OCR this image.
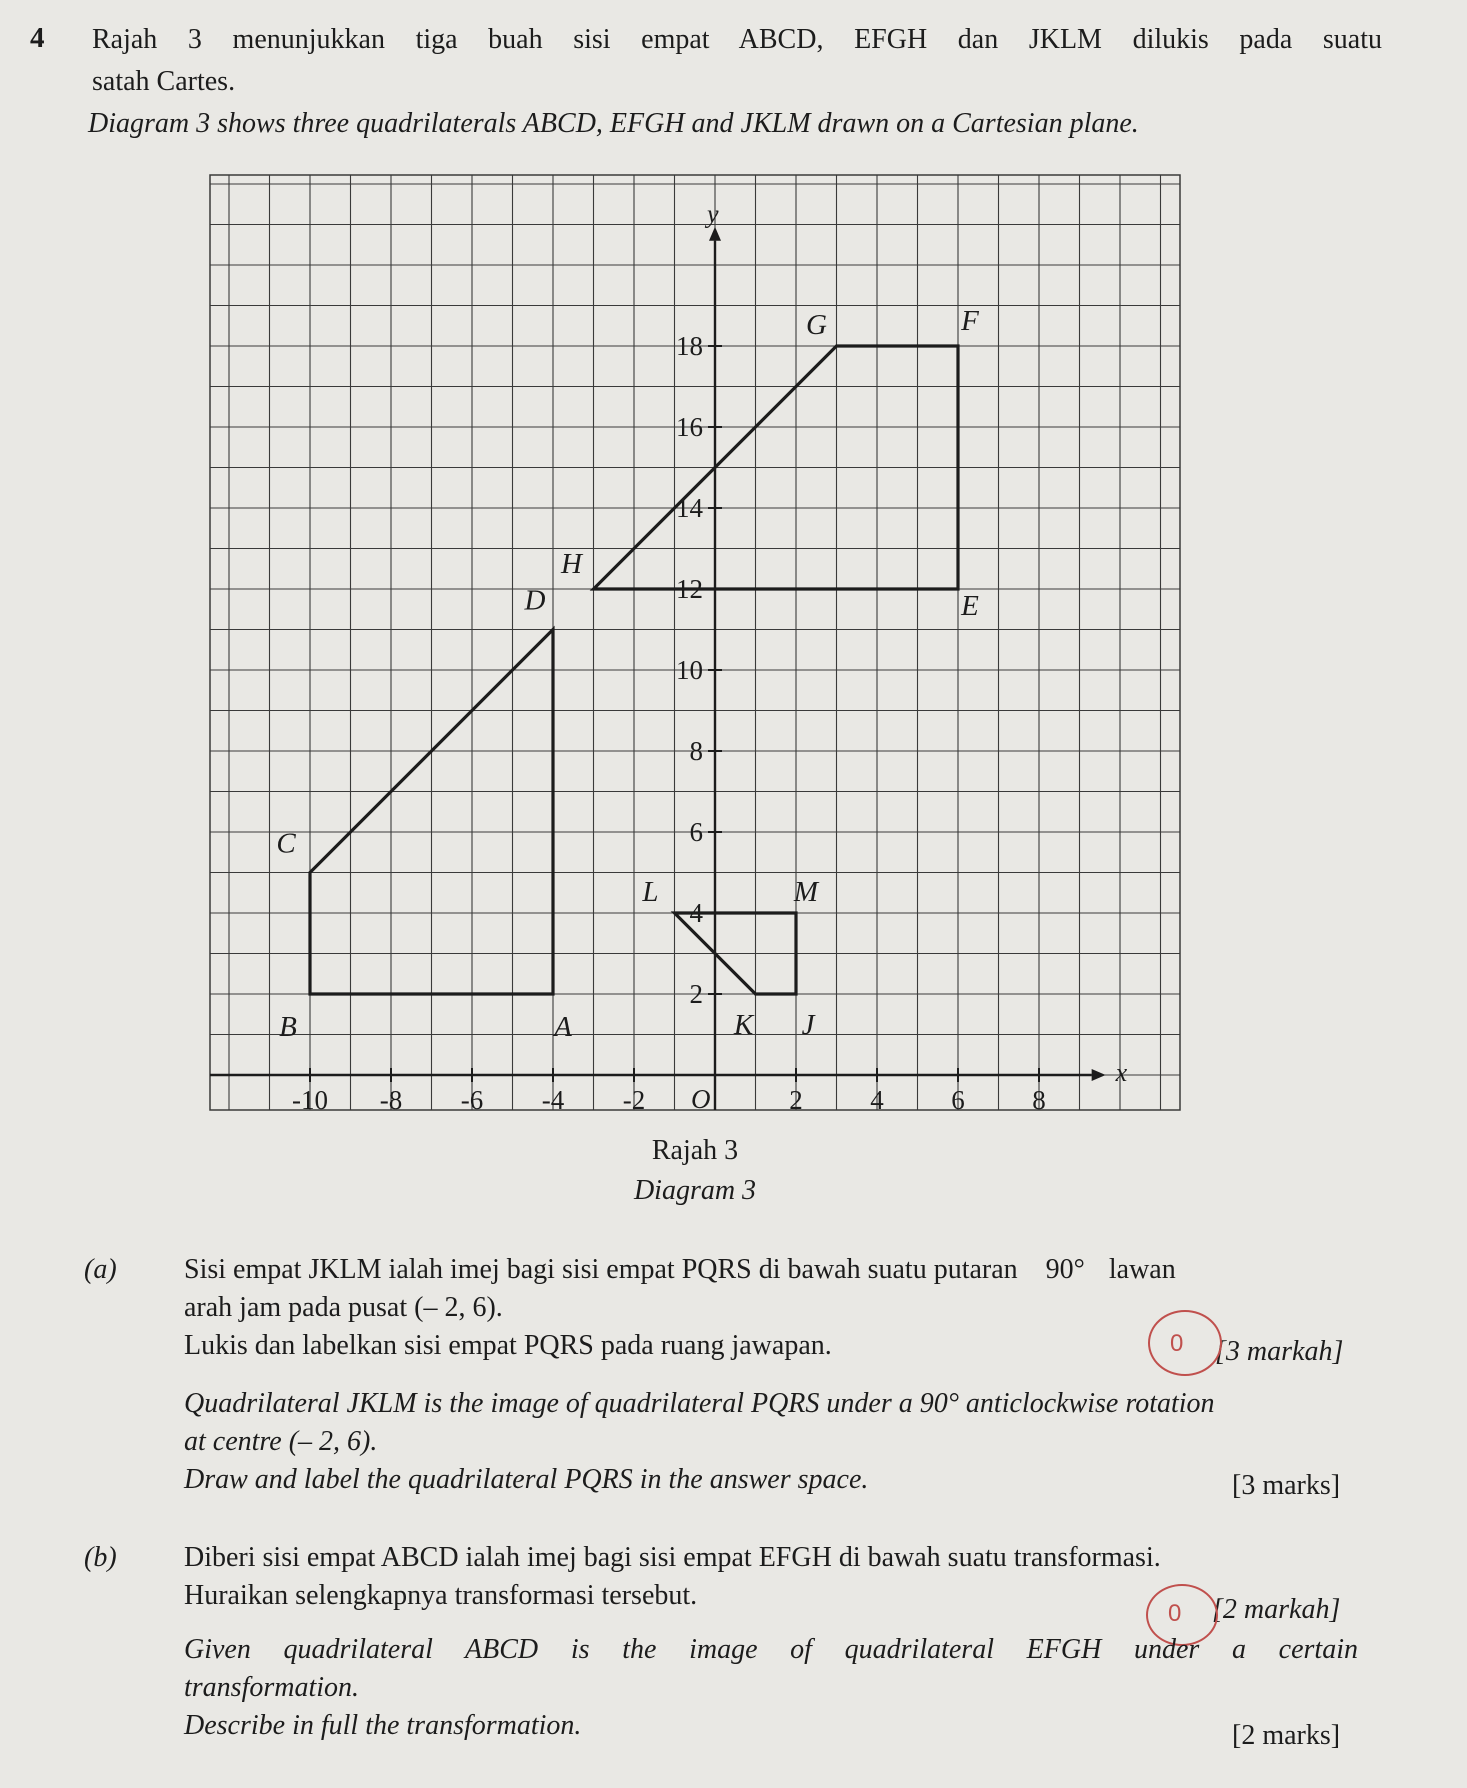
4 Rajah 3 menunjukkan tiga buah sisi empat ABCD, EFGH dan JKLM dilukis pada suatu
satah Cartes.
Diagram 3 shows three quadrilaterals ABCD, EFGH and JKLM drawn on a Cartesian plane.
x
y
O
-10 -8 -6 -4 -2	2	4	6	8
2
4
6
8
10
12
14
16
18
A
B
C
D	E
F
G
H
J
K
L	M
Rajah 3
Diagram 3
(a) Sisi empat JKLM ialah imej bagi sisi empat PQRS di bawah suatu putaran 90° lawan
arah jam pada pusat (– 2, 6).
Lukis dan labelkan sisi empat PQRS pada ruang jawapan.	[3 markah]
0
Quadrilateral JKLM is the image of quadrilateral PQRS under a 90° anticlockwise rotation
at centre (– 2, 6).
Draw and label the quadrilateral PQRS in the answer space.	[3 marks]
(b) Diberi sisi empat ABCD ialah imej bagi sisi empat EFGH di bawah suatu transformasi.
Huraikan selengkapnya transformasi tersebut.	[2 markah]
0
Given quadrilateral ABCD is the image of quadrilateral EFGH under a certain
transformation.
Describe in full the transformation.	[2 marks]
